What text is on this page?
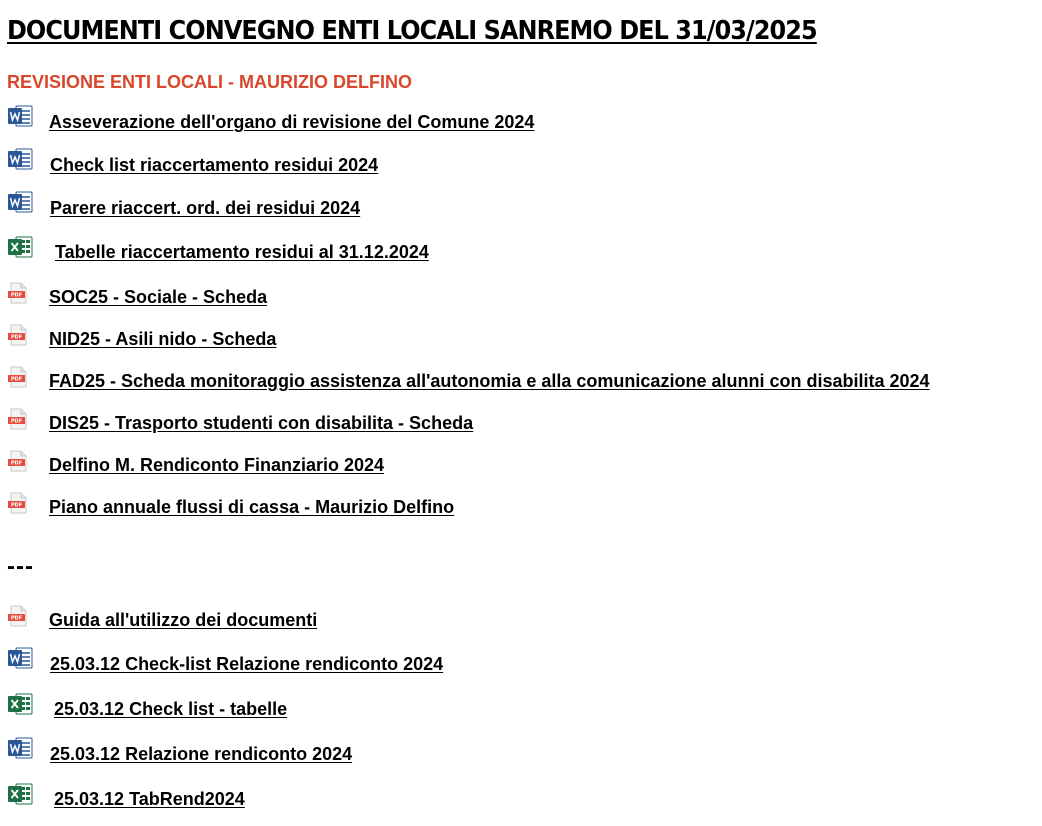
DOCUMENTI CONVEGNO ENTI LOCALI SANREMO DEL 31/03/2025
REVISIONE ENTI LOCALI - MAURIZIO DELFINO
Asseverazione dell'organo di revisione del Comune 2024
Check list riaccertamento residui 2024
Parere riaccert. ord. dei residui 2024
Tabelle riaccertamento residui al 31.12.2024
PDF SOC25 - Sociale - Scheda
PDF NID25 - Asili nido - Scheda
PDF FAD25 - Scheda monitoraggio assistenza all'autonomia e alla comunicazione alunni con disabilita 2024
PDF DIS25 - Trasporto studenti con disabilita - Scheda
PDF Delfino M. Rendiconto Finanziario 2024
PDF Piano annuale flussi di cassa - Maurizio Delfino
---
PDF Guida all'utilizzo dei documenti
25.03.12 Check-list Relazione rendiconto 2024
25.03.12 Check list - tabelle
25.03.12 Relazione rendiconto 2024
25.03.12 TabRend2024
